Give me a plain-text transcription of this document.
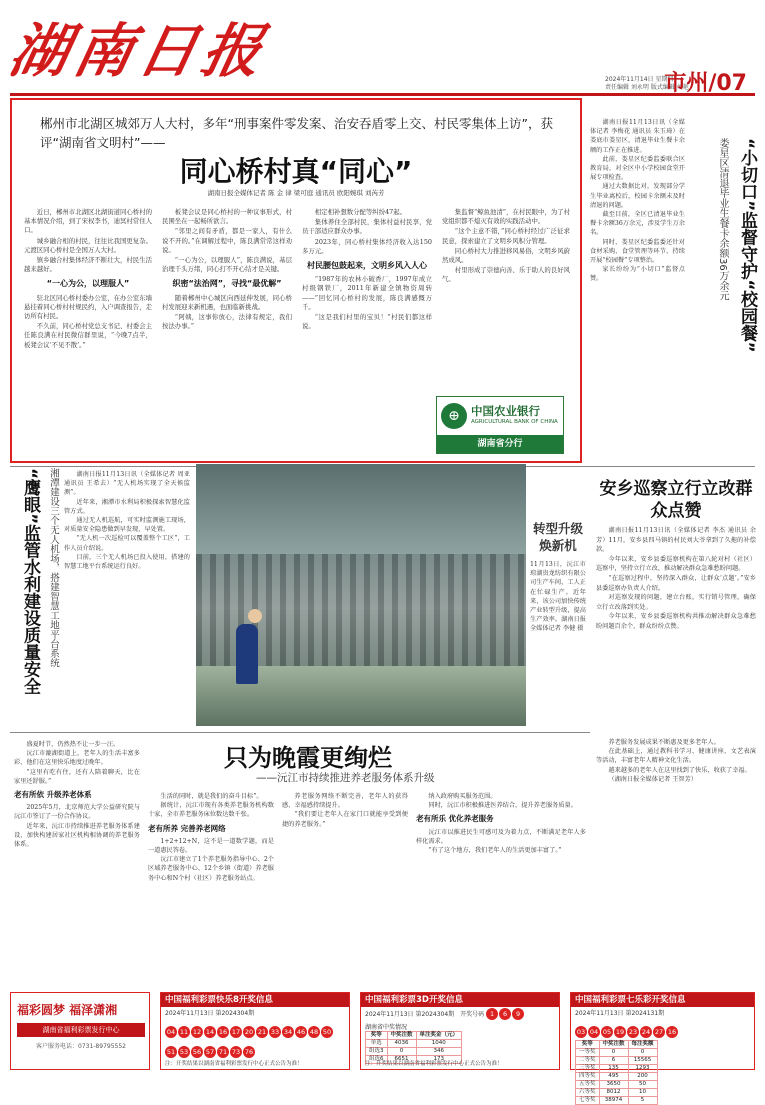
湖南日报	2024年11月14日 星期四
责任编辑 刘永明 版式编辑 刘艳
市州/07
郴州市北湖区城郊万人大村，多年“刑事案件零发案、治安吞盾零上交、村民零集体上访”，获评“湖南省文明村”——
同心桥村真“同心”
湖南日报全媒体记者 陈 金 律 梁可庭 通讯员 欧阳婉琪 刘芮芳

近日，郴州市北湖区北湖街道同心桥村的基本情况介绍，到了宋权李书，迪冥村常住人口。

城乡融合相的村民，往往比我国更复杂。元渡区同心桥村是全国万人大村。

镇乡融合村集体经济不断壮大，村民生活越来越好。

“一心为公，以理服人”

驻北区同心桥村委办公室，在办公室东墙悬挂着同心桥村村规民约，入户调查报告，走访所有村民。

不久前，同心桥村党总支书记、村委会主任陈良满在村民微信群里说，“今晚7点半，板凳会议‘不见不散’。”

板凳会议是同心桥村的一种议事形式，村民围坐在一起畅所欲言。

“邻里之间有矛盾，都是一家人，有什么说不开的。”在调解过程中，陈良满常常这样劝说。

“一心为公，以理服人”，陈良满说，基层治理千头万绪，同心打不开心结才是关键。

织密“法治网”，寻找“最优解”

随着郴州中心城区向西延伸发展，同心桥村发展迎来新机遇，也面临新挑战。

“阿姨，这事你放心，法律有规定，我们按法办事。”

相定相补想数分配等纠纷47起。

集体养住全部村民，集体村益村民享，党员干部适应群众办事。

2023年，同心桥村集体经济收入达150多万元。

村民腰包鼓起来，文明乡风入人心

“1987年的农林小破香厂，1997年成立村级钢铁厂，2011年新建全镇物资周转——”回忆同心桥村的发展，陈良满感慨万千。

“这是我们村里的宝贝！”村民们都这样说。

集监督“鲸鱼池清”，在村民眼中，为了村党组织都不熄灭有效的实践活动中。

“这个主意不错，”同心桥村经过广泛征求民意，探索建立了文明乡风积分管理。

同心桥村大力推进移风易俗，文明乡风蔚然成风。

村里形成了崇德向善、乐于助人的良好风气。

⊕ 中国农业银行
AGRICULTURAL BANK OF CHINA
湖南省分行

湖南日报11月13日讯（全媒体记者 李梅花 通讯员 朱玉琦）在娄底市娄星区，清退毕业生餐卡余额的工作正在推进。

此前，娄星区纪委监委联合区教育局，对全区中小学校园食堂开展专项检查。

通过大数据比对，发现部分学生毕业离校后，校园卡余额未及时清退的问题。

截至目前，全区已清退毕业生餐卡余额36万余元，涉及学生万余名。

同时，娄星区纪委监委还针对食材采购、食堂管理等环节，持续开展“校园餐”专项整治。

家长纷纷为“小切口”监督点赞。	“小切口”监督守护“校园餐”
娄星区清退毕业生餐卡余额36万余元
湘潭建设三个无人机场，搭建智慧工地平台系统
“鹰眼”监管水利建设质量安全	湖南日报11月13日讯（全媒体记者 周亚 通讯员 王希去）“无人机场实现了全天候监测”。

近年来，湘潭市水利局积极探索智慧化监管方式。

通过无人机巡航，可实时监测施工现场，对质量安全隐患做到早发现、早处置。

“无人机一次巡检可以覆盖整个工区”，工作人员介绍说。

目前，三个无人机场已投入使用，搭建的智慧工地平台系统运行良好。

转型升级焕新机
11月13日，沅江市琼湖贵龙纺织有限公司生产车间，工人正在忙碌生产。近年来，该公司加快传统产业转型升级，提高生产效率。湖南日报全媒体记者 李健 摄
安乡巡察立行立改群众点赞

湖南日报11月13日讯（全媒体记者 李杰 通讯员 余芳）11月，安乡县四马镇的村民刘大爷拿到了久拖的补偿款。

今年以来，安乡县委巡察机构在第八轮对村（社区）巡察中，坚持立行立改，推动解决群众急难愁盼问题。

“在巡察过程中，坚持深入群众，让群众‘点题’。”安乡县委巡察办负责人介绍。

对巡察发现的问题，建立台账，实行销号管理，确保立行立改落到实处。

今年以来，安乡县委巡察机构共推动解决群众急难愁盼问题百余个，群众纷纷点赞。

只为晚霞更绚烂
——沅江市持续推进养老服务体系升级

盛夏时节，仍然热不让一步一汪。

沅江市漉湖街道上，老年人的生活丰富多彩，他们在这里快乐地度过晚年。

“这里有吃有住，还有人陪着聊天，比在家里还舒服。”

老有所依 升级养老体系

2025年5月，北京师范大学公益研究院与沅江市签订了一份合作协议。

近年来，沅江市持续推进养老服务体系建设，加快构建居家社区机构相协调的养老服务体系。

生活的同时，就是我们的奋斗目标”。

据统计，沅江市现有各类养老服务机构数十家，全市养老服务床位数达数千张。

老有所养 完善养老网络

1+2+12+N，这不是一道数学题，而是一道惠民答卷。

沅江市建立了1个养老服务指导中心、2个区域养老服务中心、12个乡镇（街道）养老服务中心和N个村（社区）养老服务站点。

养老服务网络不断完善，老年人的获得感、幸福感持续提升。

“我们要让老年人在家门口就能享受到便捷的养老服务。”

纳入政府购买服务范围。

同时，沅江市积极推进医养结合，提升养老服务质量。

老有所乐 优化养老服务

沅江市以推进民生可感可及为着力点，不断满足老年人多样化需求。

“有了这个地方，我们老年人的生活更加丰富了。”

养老服务发展成果不断惠及更多老年人。

在此基础上，通过教科书学习、健康讲座、文艺表演等活动，丰富老年人精神文化生活。

越来越多的老年人在这里找到了快乐，收获了幸福。

（湖南日报全媒体记者 王智芳）

福彩圆梦 福泽潇湘
湖南省福利彩票发行中心
客户服务电话：0731-89795552
中国福利彩票快乐8开奖信息
2024年11月13日 第2024304期
04 11 12 14 16 17 20 21 33 34 46 48 5051 53 56 57 71 73 76
注：开奖结果以湖南省福利彩票发行中心正式公告为准！
中国福利彩票3D开奖信息
2024年11月13日 第2024304期 开奖号码 1 6 9
湖南省中奖情况
奖等	中奖注数	单注奖金（元）
单选	4036	1040
组选3	0	346
组选6	6651	173
注：开奖结果以湖南省福利彩票发行中心正式公告为准！
中国福利彩票七乐彩开奖信息
2024年11月13日 第2024131期
03 04 05 19 23 24 27 16
奖等	中奖注数	每注奖额
一等奖	0	0
二等奖	6	15565
三等奖	135	1293
四等奖	495	200
五等奖	3650	50
六等奖	8012	10
七等奖	38974	5
